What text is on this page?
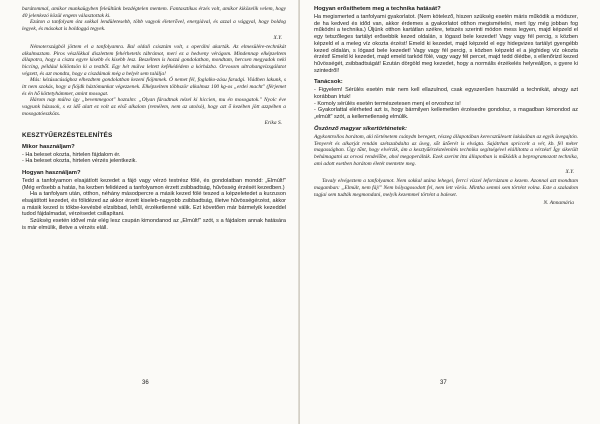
barátommal, amikor munkaügyben feleültünk bezdégtelen mentem. Fantasztikus érzés volt, amikor kiközelik velem, hogy 40 jelenkezó közül engem választottak ki.

Ezúton a tanfolyam óta sokkal lendületesebb, több vagyok életerővel, energiával, és azzal a vággyal, hogy boldog legyek, és másokat is boldoggá tegyek.

X.Y.

Némoterszágból jöttem el a tanfolyamra. Bal oldali csisztám volt, s operálni akarták. Az elmesülére-technikát alkalmaztam. Piros vészlökkal diszlettem fehérhetetls tábrámot, meri ez a hedveny vérágom. Mindennap elképzeltem állapotra, hogy a ciszta egyre kisebb és kisebb lesz. Beszéltem is hozzá gondolatban, mondtam, hercsen megyadok neki hiccing, például kölöntsön ki a testből. Egy hét múlva leltett kefékédédem a kórházba. Orvosom ultrahangvizsgálatot végzett, és azt mondta, hogy a ciszdámak még a helyét sem találja!

Más: kézúsacúsághoz elhezdtem gondolatban kezeni fiójmmek. Ó nemet fél, foglalko-zásu faradgi. Viádhen lakunk, s itt nem szokás, hogy a fiójdk háztómunkat végezzenek. Elképzeltem többször alkalmaz 100 kg-os „erdei macht" (férjemet és én hő köttetyhámmer, amint mosogat.

Három nap múlva így „bevenmegoot" hoztalm: „Olyan fáradtnak nézel ki hiccien, mu én mosogatok." Nyolc éve vagyunk házasok, s ez idő alatt ez volt az első alkalom (remélem, nem az utolsó), hogy azt ő kezében jött azzpében a mosogatóeszközs.

Erika S.
KESZTYŰERZÉSTELENÍTÉS
Mikor használjam?

- Ha beleset okozta, hirtelen fájdalom ér.

- Ha beleset okozta, hirtelen vérzés jelentkezik.

Hogyan használjam?

Tedd a tanfolyamon elsajátíott kezedet a fájó vagy vérzó testrész fölé, és gondolatban mondd: „Elmúlt!" (Még erősebb a hatás, ha kezben felidézed a tanfolyamon érzett zsibbadtság, hűvösség érzését kezedben.)

Ha a tanfolyam után, otthon, néhány másodpercre a másik kezed fölé teszed a képzeletedet a kurzuson elsajátított kezedet, és fölidézed az akkor érzett kiseleb-nagyobb zsibbadtság, illetve hűvösségérzést, akkor a másik kezed is tökbe-kevésbé elzsibbad, lehűl, érzéketlenné válik. Ezt követően már bármelyik kezeddel tudod fájdalmadat, vérzésedet csillapítani.

Szükség esetén idővel már elég lesz csupán kimondanod az „Elmúlt!" szót, s a fájdalom annak hatására is már elmúlik, illetve a vérzés eláll.

36
Hogyan erősíthetem meg a technika hatását?

Ha megismerted a tanfolyami gyakorlatot. (Nem kötelező, hiszen szükség esetén máris működik a módszer, de ha kedved és időd van, akkor érdemes a gyakorlatot otthon megismételni, mert így még jobban fog működni a technika.) Üljünk otthon kartátlan székre, tetszés szerinti módon mess legyen, majd képzeld el egy tetszőleges tartályt erősebbik kezed oldalán, s lógasd bele kezedet! Vagy vagy fél percig, s közben képzeld el a meleg víz okozta érzést! Emeld ki kezedet, majd képzeld el egy hidegvizes tartályt gyengébb kezed oldalán, s lógasd bele kezedet! Vagy vagy fél percig, s közben képzeld el a jéghideg víz okozta érzést! Emeld ki kezedet, majd emeld tarkód fölé, vagy vagy fél percet, majd tedd ölédbe, s ellenőrizd kezed hűvösségét, zsibbadtságát! Ezután dörgöld meg kezedet, hogy a normális érzékelés helyreálljon, s gyere ki szintedről!

Tanácsok:

- Figyelem! Sérülés esetén már nem kell ellazulnod, csak egyszerűen használd a technikát, ahogy azt korábban írtuk!

- Komoly sérülés esetén természetesen menj el orvoshoz is!

- Gyakorlattal elérheted azt is, hogy bármilyen kellemetlen érzésedre gondolsz, s magadban kimondod az „elmúlt" szót, a kellemetlenség elmúlik.

Öszönző magyar sikertörténetek:

Agykontrollos barátom, aki történetem csánydn beregett, részeg állapotában kerecsztülesett lakásában az egyik üvegajtón. Tenyerét és alkarját rendán szétszabdalta az üveg, sőt ütőerét is elvágta. Sajátrhan spriccelt a vér, kb. fél méter magasságban. Úgy tűnt, hogy elvérzik, ám a kesztyűérzéstelenítés technika segítségével elállította a vérzést! Így sikerült behámagatni az orvosi rendelőbe, ahol megoperálták. Ezek szerint itta állapotban is működik a beprogramozott technika, ami adott esetben barátom életét mentette meg.

X.Y.

Tavaly elvégeztem a tanfolyamot. Nem sokkal utána lehegei, ferrcí vízzel leforráztam a kezem. Azonnal azt mondtam magamban: „Elmúlt, nem fáj!" Nem hólyagosodott fel, nem lett vörös. Mintha semmi sem történt volna. Este a szaladom tagjai sem tudták megmondani, melyik kezemmel történt a baleset.

N. Annamária
37
